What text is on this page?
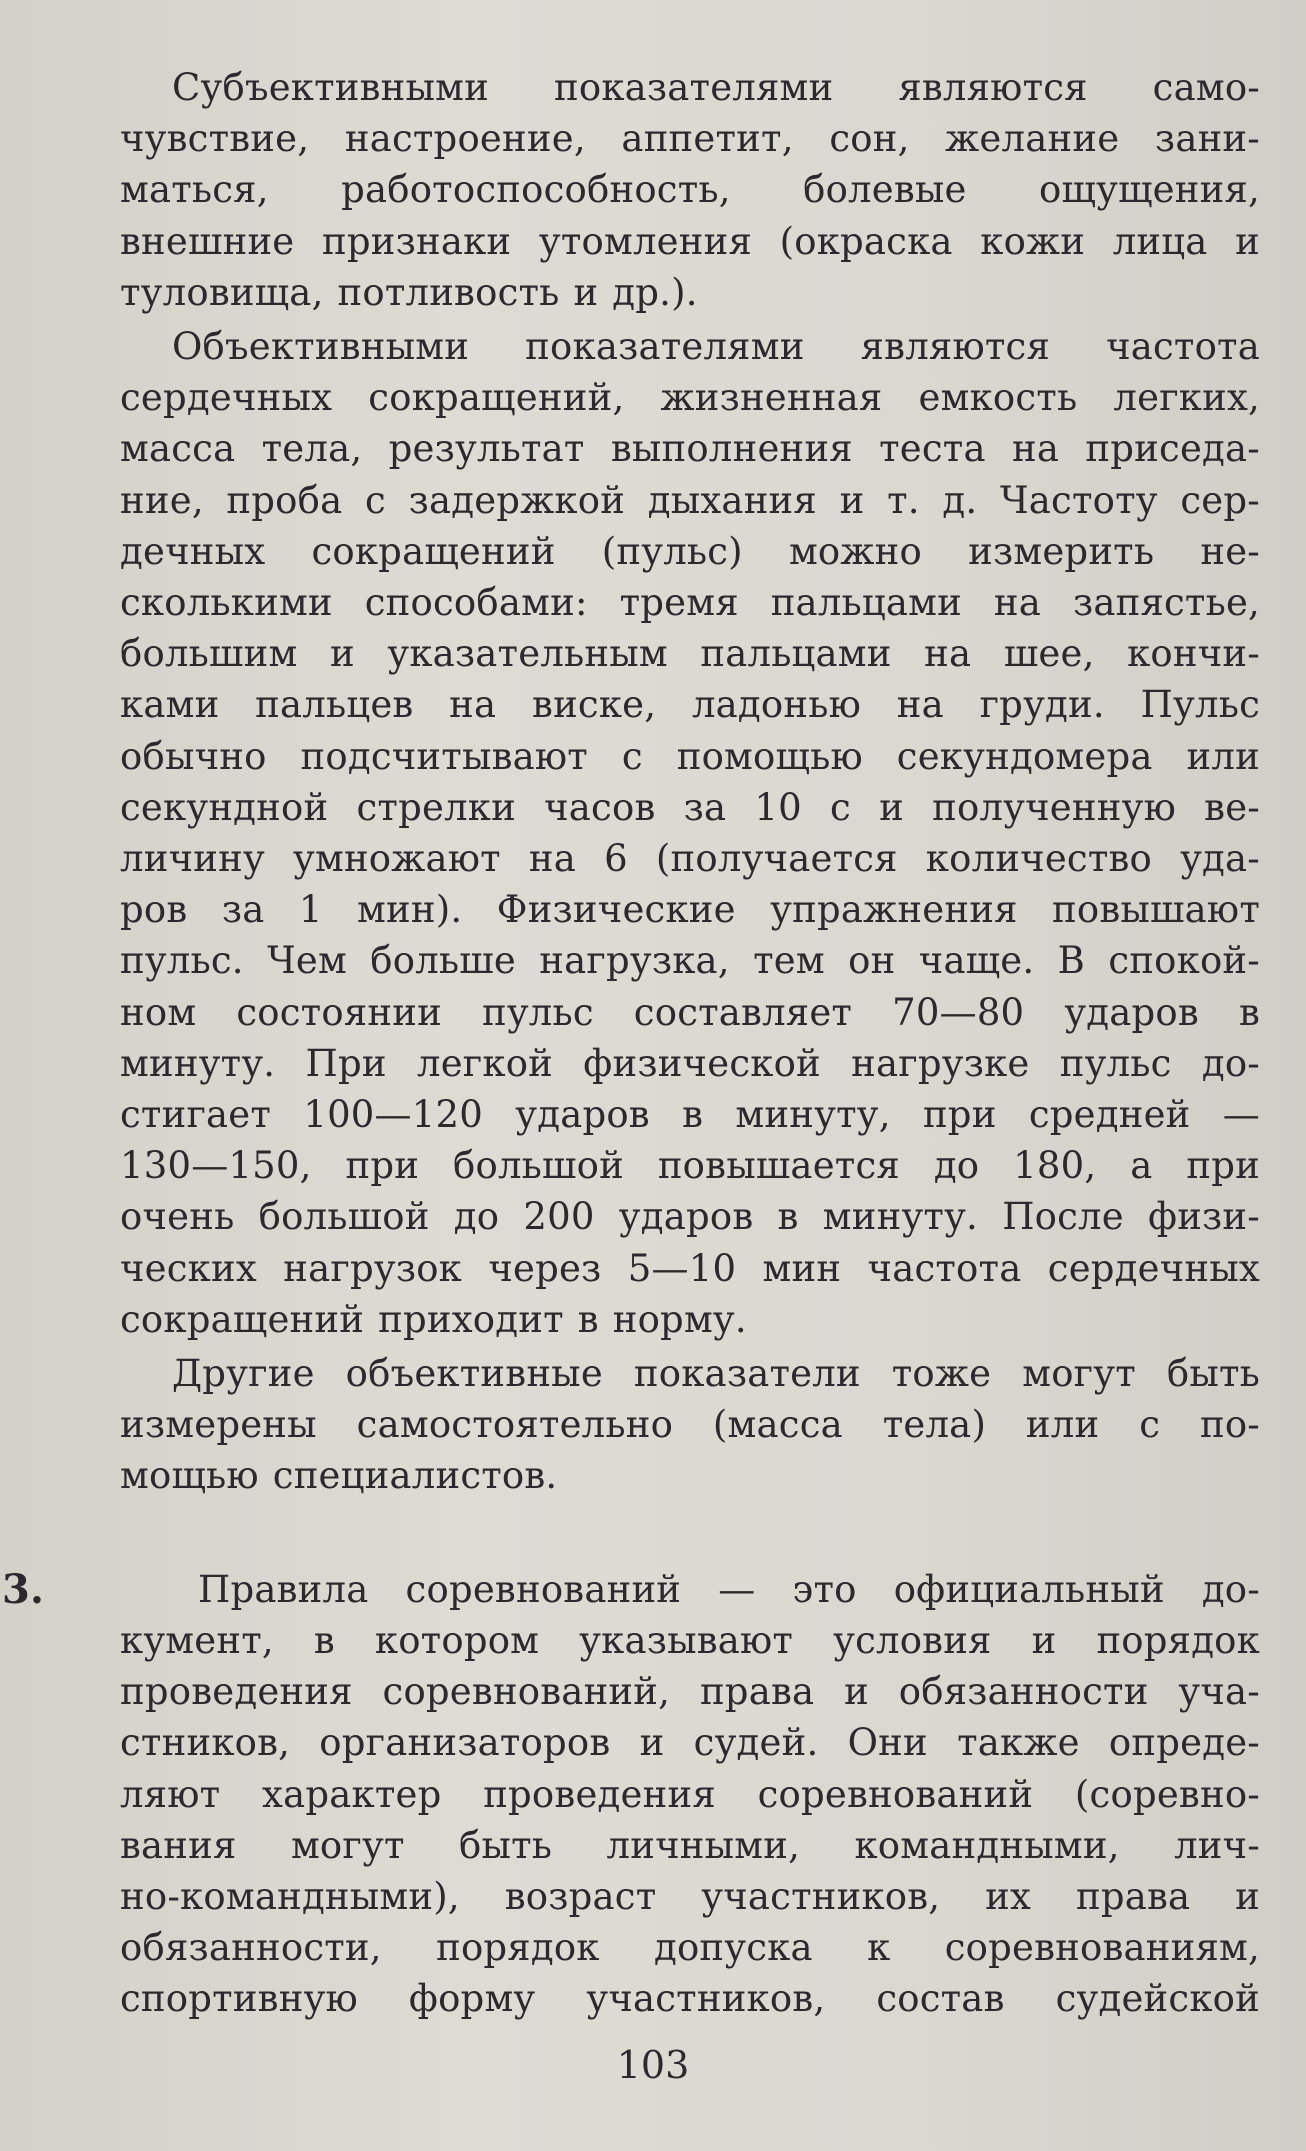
Субъективными показателями являются само-
чувствие, настроение, аппетит, сон, желание зани-
маться, работоспособность, болевые ощущения,
внешние признаки утомления (окраска кожи лица и
туловища, потливость и др.).

Объективными показателями являются частота
сердечных сокращений, жизненная емкость легких,
масса тела, результат выполнения теста на приседа-
ние, проба с задержкой дыхания и т. д. Частоту сер-
дечных сокращений (пульс) можно измерить не-
сколькими способами: тремя пальцами на запястье,
большим и указательным пальцами на шее, кончи-
ками пальцев на виске, ладонью на груди. Пульс
обычно подсчитывают с помощью секундомера или
секундной стрелки часов за 10 с и полученную ве-
личину умножают на 6 (получается количество уда-
ров за 1 мин). Физические упражнения повышают
пульс. Чем больше нагрузка, тем он чаще. В спокой-
ном состоянии пульс составляет 70—80 ударов в
минуту. При легкой физической нагрузке пульс до-
стигает 100—120 ударов в минуту, при средней —
130—150, при большой повышается до 180, а при
очень большой до 200 ударов в минуту. После физи-
ческих нагрузок через 5—10 мин частота сердечных
сокращений приходит в норму.

Другие объективные показатели тоже могут быть
измерены самостоятельно (масса тела) или с по-
мощью специалистов.

3.	Правила соревнований — это официальный до-
кумент, в котором указывают условия и порядок
проведения соревнований, права и обязанности уча-
стников, организаторов и судей. Они также опреде-
ляют характер проведения соревнований (соревно-
вания могут быть личными, командными, лич-
но-командными), возраст участников, их права и
обязанности, порядок допуска к соревнованиям,
спортивную форму участников, состав судейской
103
